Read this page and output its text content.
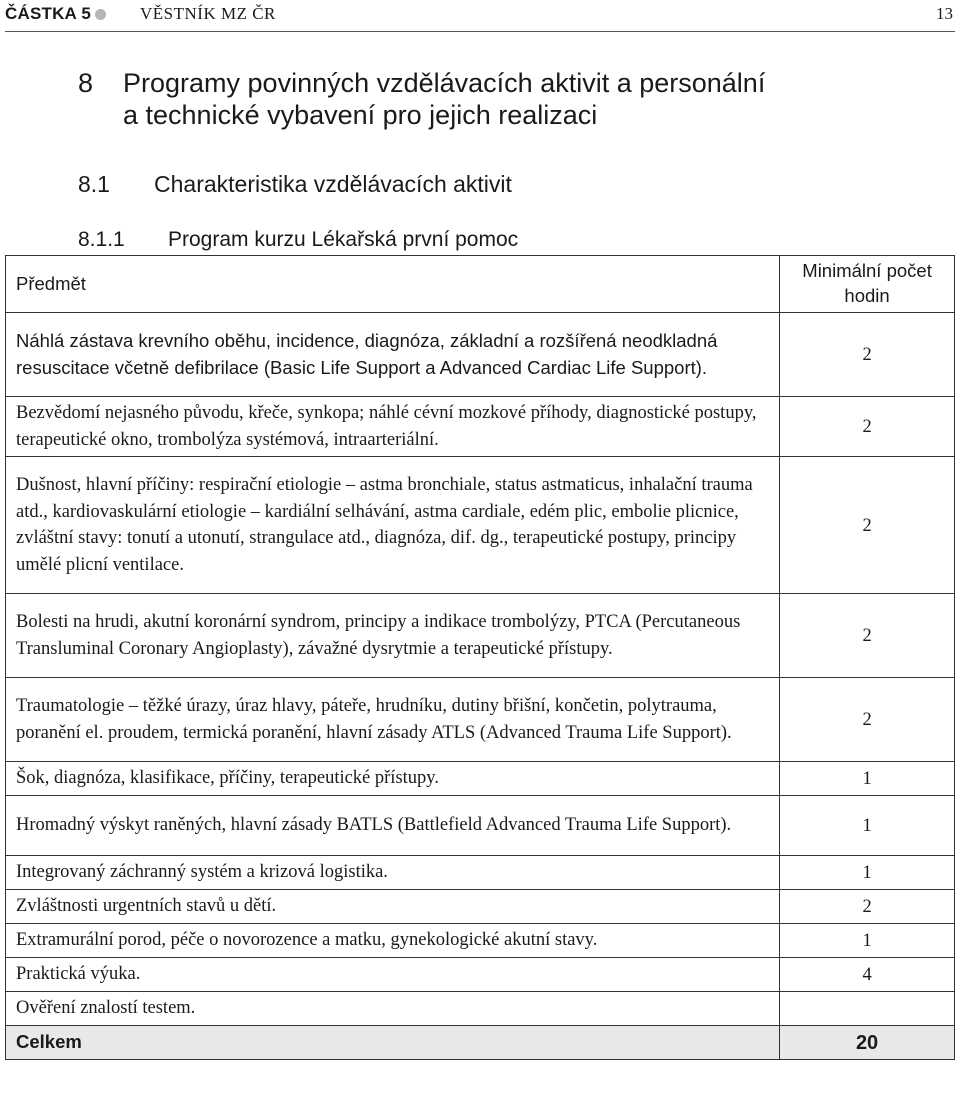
ČÁSTKA 5	VĚSTNÍK MZ ČR	13
8 Programy povinných vzdělávacích aktivit a personální
a technické vybavení pro jejich realizaci
8.1 Charakteristika vzdělávacích aktivit
8.1.1 Program kurzu Lékařská první pomoc
Předmět	Minimální počet hodin
Náhlá zástava krevního oběhu, incidence, diagnóza, základní a rozšířená neodkladná resuscitace včetně defibrilace (Basic Life Support a Advanced Cardiac Life Support).	2
Bezvědomí nejasného původu, křeče, synkopa; náhlé cévní mozkové příhody, diagnostické postupy, terapeutické okno, trombolýza systémová, intraarteriální.	2
Dušnost, hlavní příčiny: respirační etiologie – astma bronchiale, status astmaticus, inhalační trauma atd., kardiovaskulární etiologie – kardiální selhávání, astma cardiale, edém plic, embolie plicnice, zvláštní stavy: tonutí a utonutí, strangulace atd., diagnóza, dif. dg., terapeutické postupy, principy umělé plicní ventilace.	2
Bolesti na hrudi, akutní koronární syndrom, principy a indikace trombolýzy, PTCA (Percutaneous Transluminal Coronary Angioplasty), závažné dysrytmie a terapeutické přístupy.	2
Traumatologie – těžké úrazy, úraz hlavy, páteře, hrudníku, dutiny břišní, končetin, polytrauma, poranění el. proudem, termická poranění, hlavní zásady ATLS (Advanced Trauma Life Support).	2
Šok, diagnóza, klasifikace, příčiny, terapeutické přístupy.	1
Hromadný výskyt raněných, hlavní zásady BATLS (Battlefield Advanced Trauma Life Support).	1
Integrovaný záchranný systém a krizová logistika.	1
Zvláštnosti urgentních stavů u dětí.	2
Extramurální porod, péče o novorozence a matku, gynekologické akutní stavy.	1
Praktická výuka.	4
Ověření znalostí testem.	
Celkem	20
